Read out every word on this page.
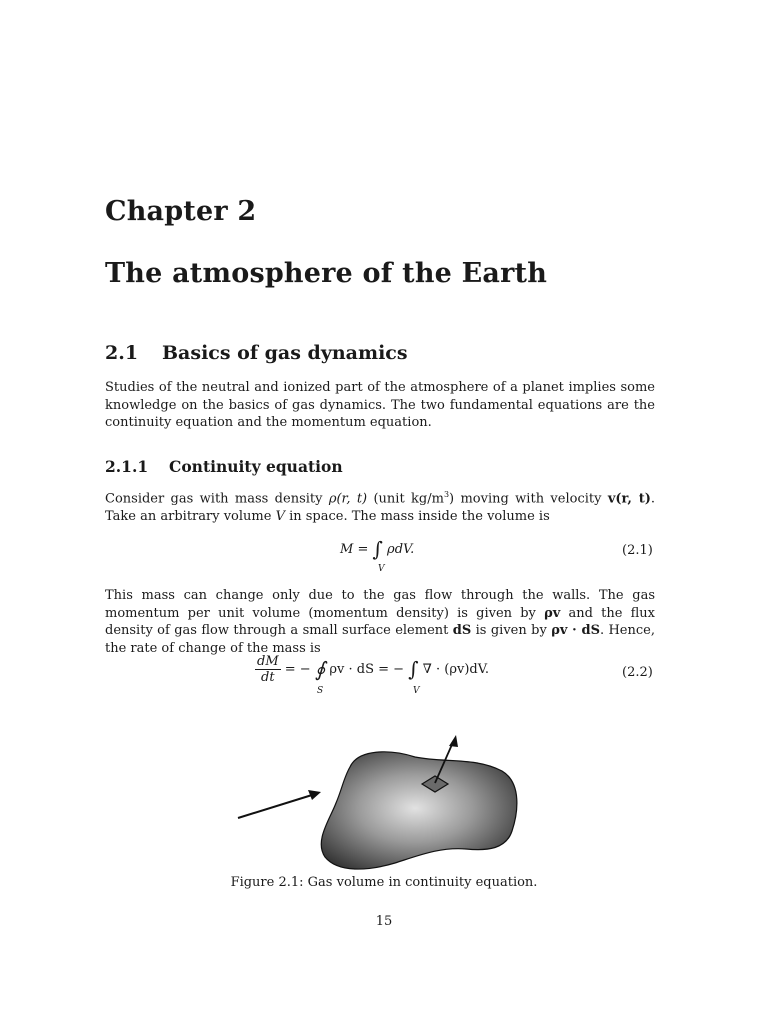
Chapter 2
The atmosphere of the Earth
2.1 Basics of gas dynamics

Studies of the neutral and ionized part of the atmosphere of a planet implies some knowledge on the basics of gas dynamics. The two fundamental equations are the continuity equation and the momentum equation.

2.1.1 Continuity equation

Consider gas with mass density ρ(r, t) (unit $kg/m^3$) moving with velocity v(r, t). Take an arbitrary volume V in space. The mass inside the volume is

M = ∫
V
ρdV.	(2.1)

This mass can change only due to the gas flow through the walls. The gas momentum per unit volume (momentum density) is given by ρv and the flux density of gas flow through a small surface element dS is given by ρv · dS. Hence, the rate of change of the mass is

$\frac{dM}{dt}$ = − ∮
S
ρv · dS = − ∫
V
∇ · (ρv)dV.	(2.2)

Figure 2.1: Gas volume in continuity equation.

15
